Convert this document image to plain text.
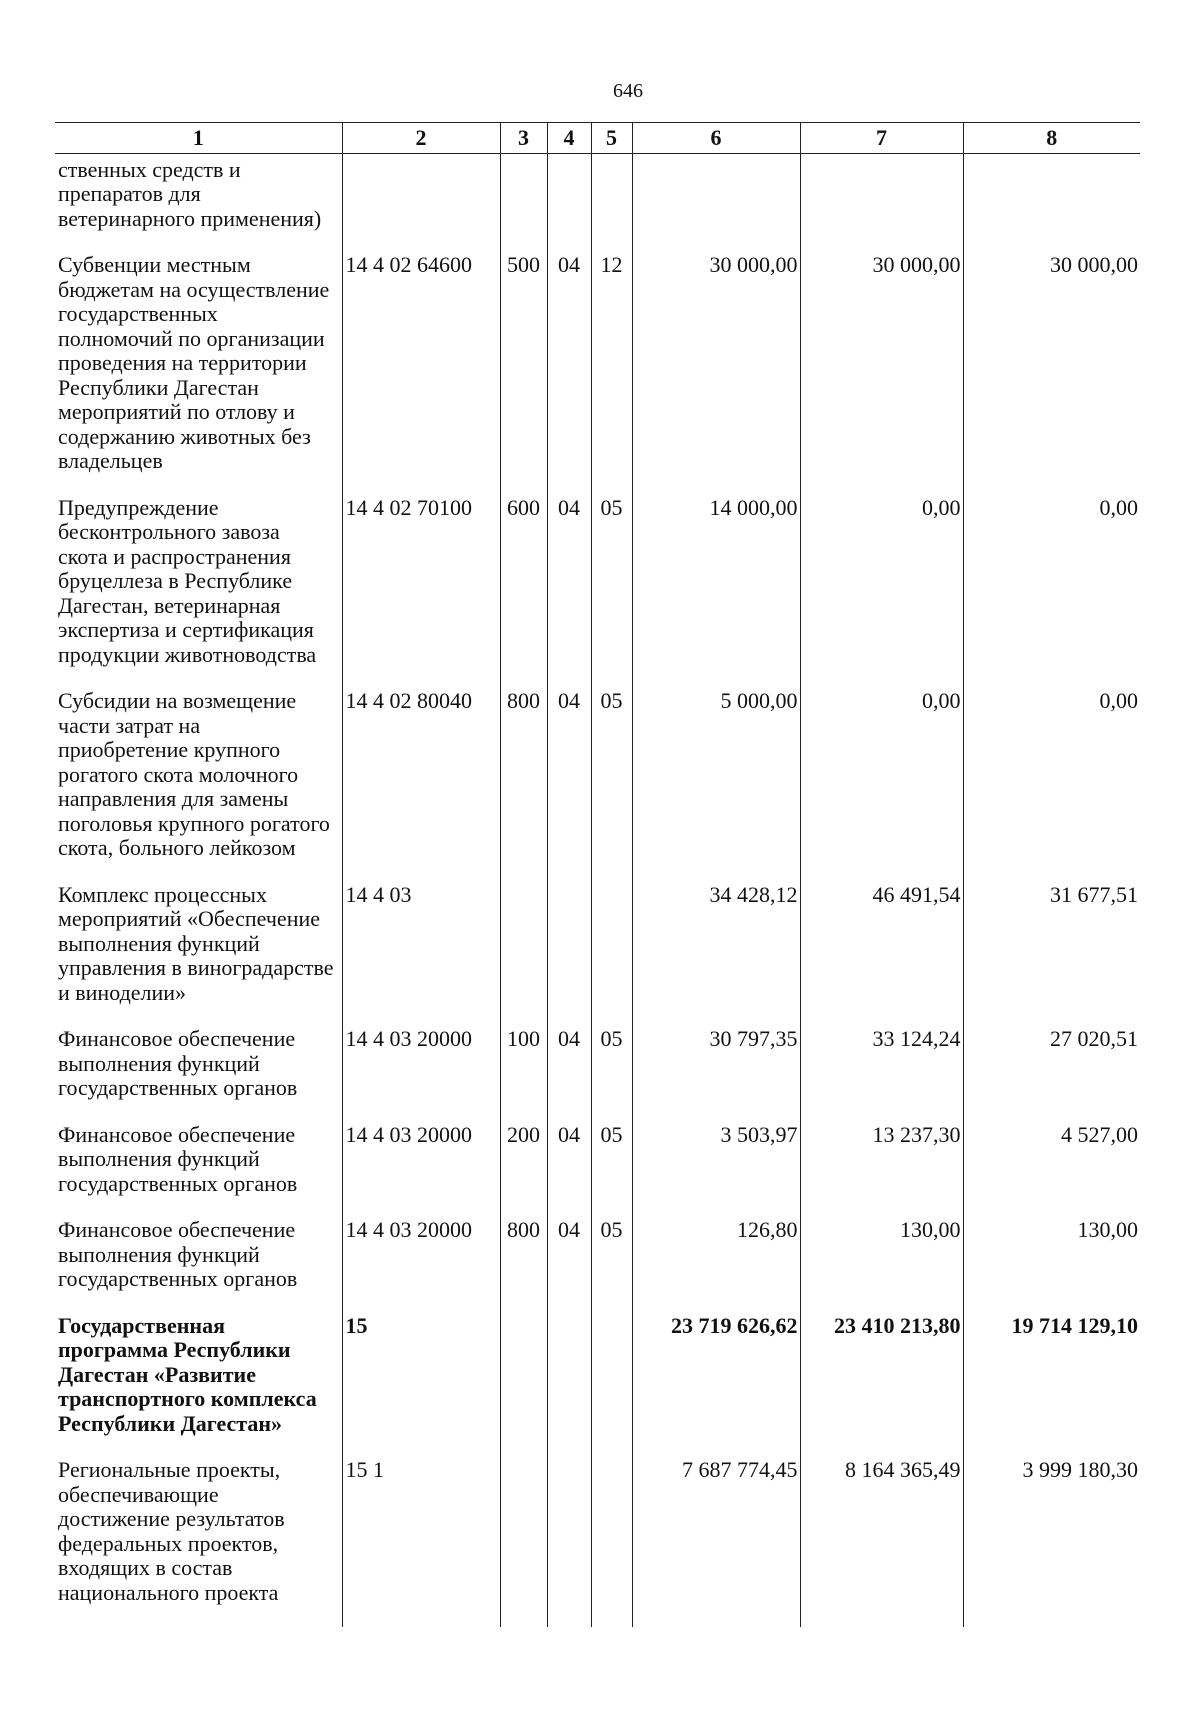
646
1	2	3	4	5	6	7	8
ственных средств и препаратов для ветеринарного применения)							
Субвенции местным бюджетам на осуществление государственных полномочий по организации проведения на территории Республики Дагестан мероприятий по отлову и содержанию животных без владельцев	14 4 02 64600	500	04	12	30 000,00	30 000,00	30 000,00
Предупреждение бесконтрольного завоза скота и распространения бруцеллеза в Республике Дагестан, ветеринарная экспертиза и сертификация продукции животноводства	14 4 02 70100	600	04	05	14 000,00	0,00	0,00
Субсидии на возмещение части затрат на приобретение крупного рогатого скота молочного направления для замены поголовья крупного рогатого скота, больного лейкозом	14 4 02 80040	800	04	05	5 000,00	0,00	0,00
Комплекс процессных мероприятий «Обеспечение выполнения функций управления в виноградарстве и виноделии»	14 4 03				34 428,12	46 491,54	31 677,51
Финансовое обеспечение выполнения функций государственных органов	14 4 03 20000	100	04	05	30 797,35	33 124,24	27 020,51
Финансовое обеспечение выполнения функций государственных органов	14 4 03 20000	200	04	05	3 503,97	13 237,30	4 527,00
Финансовое обеспечение выполнения функций государственных органов	14 4 03 20000	800	04	05	126,80	130,00	130,00
Государственная программа Республики Дагестан «Развитие транспортного комплекса Республики Дагестан»	15				23 719 626,62	23 410 213,80	19 714 129,10
Региональные проекты, обеспечивающие достижение результатов федеральных проектов, входящих в состав национального проекта	15 1				7 687 774,45	8 164 365,49	3 999 180,30
